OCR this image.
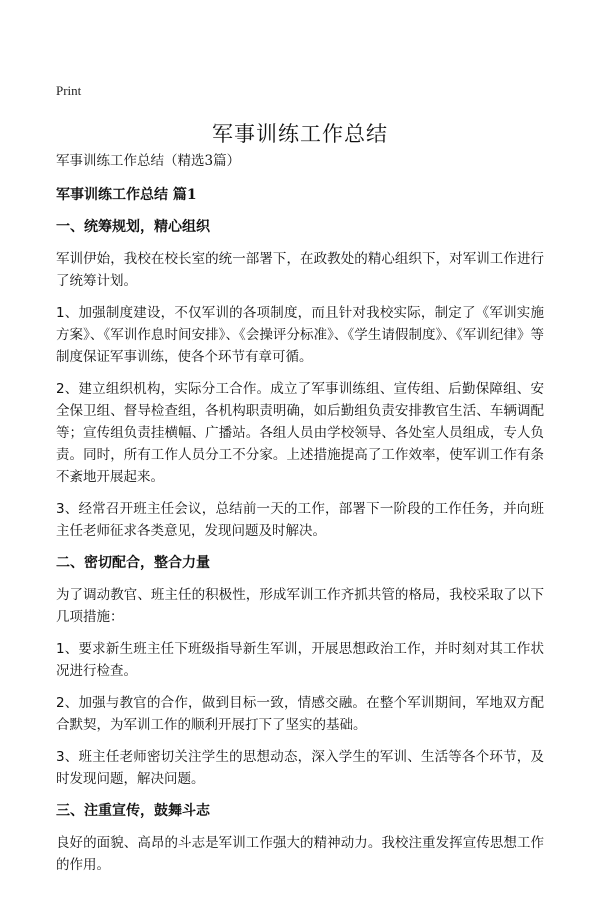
Print
军事训练工作总结

军事训练工作总结（精选3篇）

军事训练工作总结 篇1

一、统筹规划，精心组织

军训伊始，我校在校长室的统一部署下，在政教处的精心组织下，对军训工作进行了统筹计划。

1、加强制度建设，不仅军训的各项制度，而且针对我校实际，制定了《军训实施方案》、《军训作息时间安排》、《会操评分标准》、《学生请假制度》、《军训纪律》等制度保证军事训练，使各个环节有章可循。

2、建立组织机构，实际分工合作。成立了军事训练组、宣传组、后勤保障组、安全保卫组、督导检查组，各机构职责明确，如后勤组负责安排教官生活、车辆调配等；宣传组负责挂横幅、广播站。各组人员由学校领导、各处室人员组成，专人负责。同时，所有工作人员分工不分家。上述措施提高了工作效率，使军训工作有条不紊地开展起来。

3、经常召开班主任会议，总结前一天的工作，部署下一阶段的工作任务，并向班主任老师征求各类意见，发现问题及时解决。

二、密切配合，整合力量

为了调动教官、班主任的积极性，形成军训工作齐抓共管的格局，我校采取了以下几项措施：

1、要求新生班主任下班级指导新生军训，开展思想政治工作，并时刻对其工作状况进行检查。

2、加强与教官的合作，做到目标一致，情感交融。在整个军训期间，军地双方配合默契，为军训工作的顺利开展打下了坚实的基础。

3、班主任老师密切关注学生的思想动态，深入学生的军训、生活等各个环节，及时发现问题，解决问题。

三、注重宣传，鼓舞斗志

良好的面貌、高昂的斗志是军训工作强大的精神动力。我校注重发挥宣传思想工作的作用。
